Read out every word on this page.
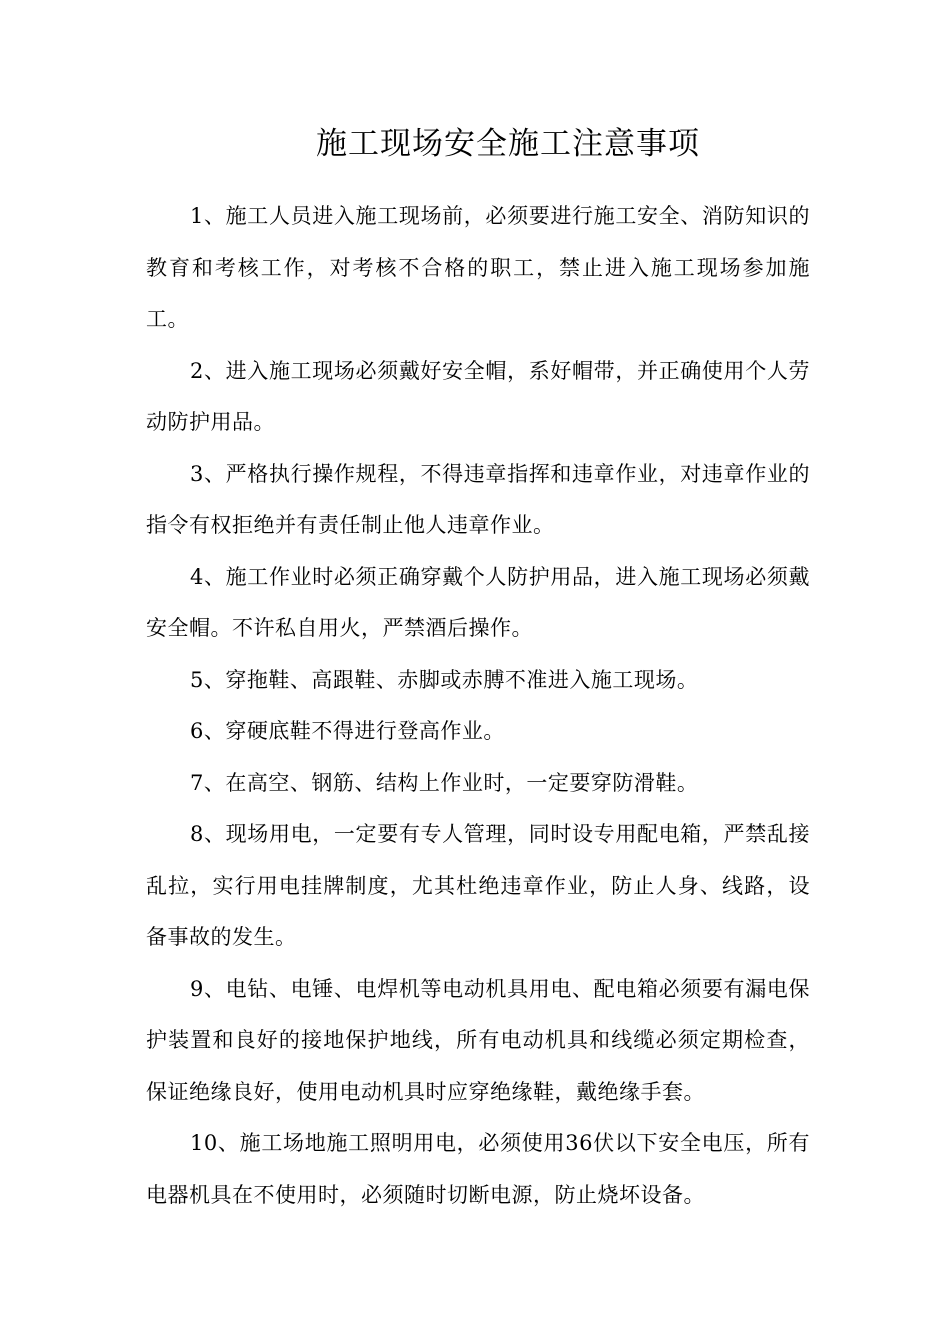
施工现场安全施工注意事项

1、施工人员进入施工现场前，必须要进行施工安全、消防知识的教育和考核工作，对考核不合格的职工，禁止进入施工现场参加施工。

2、进入施工现场必须戴好安全帽，系好帽带，并正确使用个人劳动防护用品。

3、严格执行操作规程，不得违章指挥和违章作业，对违章作业的指令有权拒绝并有责任制止他人违章作业。

4、施工作业时必须正确穿戴个人防护用品，进入施工现场必须戴安全帽。不许私自用火，严禁酒后操作。

5、穿拖鞋、高跟鞋、赤脚或赤膊不准进入施工现场。

6、穿硬底鞋不得进行登高作业。

7、在高空、钢筋、结构上作业时，一定要穿防滑鞋。

8、现场用电，一定要有专人管理，同时设专用配电箱，严禁乱接乱拉，实行用电挂牌制度，尤其杜绝违章作业，防止人身、线路，设备事故的发生。

9、电钻、电锤、电焊机等电动机具用电、配电箱必须要有漏电保护装置和良好的接地保护地线，所有电动机具和线缆必须定期检查，保证绝缘良好，使用电动机具时应穿绝缘鞋，戴绝缘手套。

10、施工场地施工照明用电，必须使用36伏以下安全电压，所有电器机具在不使用时，必须随时切断电源，防止烧坏设备。
